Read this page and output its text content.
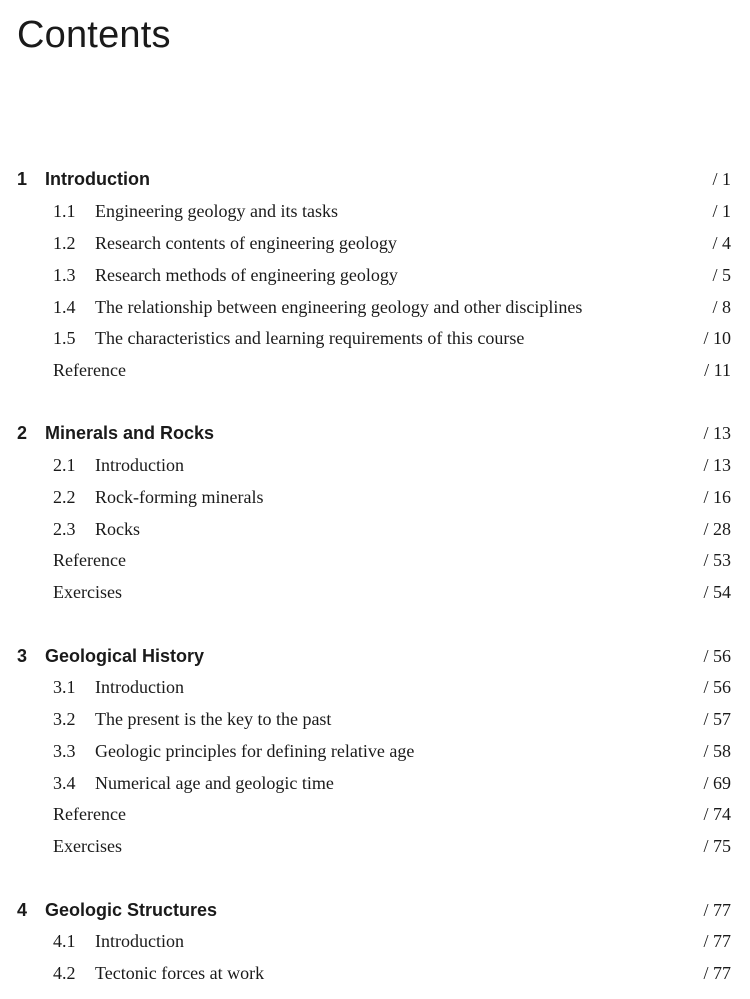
Contents
1 Introduction	/ 1
1.1 Engineering geology and its tasks	/ 1
1.2 Research contents of engineering geology	/ 4
1.3 Research methods of engineering geology	/ 5
1.4 The relationship between engineering geology and other disciplines	/ 8
1.5 The characteristics and learning requirements of this course	/ 10
Reference	/ 11
2 Minerals and Rocks	/ 13
2.1 Introduction	/ 13
2.2 Rock-forming minerals	/ 16
2.3 Rocks	/ 28
Reference	/ 53
Exercises	/ 54
3 Geological History	/ 56
3.1 Introduction	/ 56
3.2 The present is the key to the past	/ 57
3.3 Geologic principles for defining relative age	/ 58
3.4 Numerical age and geologic time	/ 69
Reference	/ 74
Exercises	/ 75
4 Geologic Structures	/ 77
4.1 Introduction	/ 77
4.2 Tectonic forces at work	/ 77
